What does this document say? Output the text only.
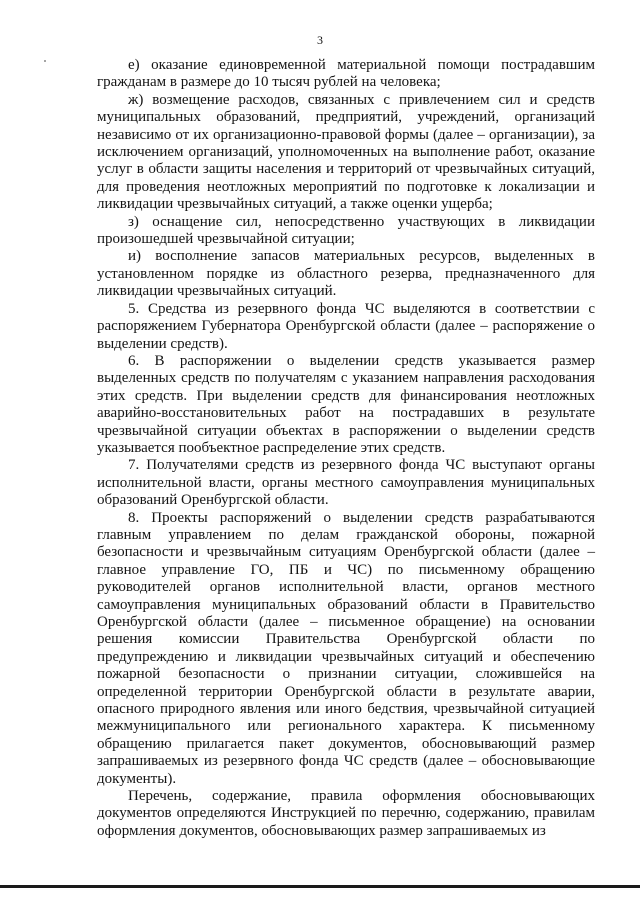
3

е) оказание единовременной материальной помощи пострадавшим гражданам в размере до 10 тысяч рублей на человека;

ж) возмещение расходов, связанных с привлечением сил и средств муниципальных образований, предприятий, учреждений, организаций независимо от их организационно-правовой формы (далее – организации), за исключением организаций, уполномоченных на выполнение работ, оказание услуг в области защиты населения и территорий от чрезвычайных ситуаций, для проведения неотложных мероприятий по подготовке к локализации и ликвидации чрезвычайных ситуаций, а также оценки ущерба;

з) оснащение сил, непосредственно участвующих в ликвидации произошедшей чрезвычайной ситуации;

и) восполнение запасов материальных ресурсов, выделенных в установленном порядке из областного резерва, предназначенного для ликвидации чрезвычайных ситуаций.

5. Средства из резервного фонда ЧС выделяются в соответствии с распоряжением Губернатора Оренбургской области (далее – распоряжение о выделении средств).

6. В распоряжении о выделении средств указывается размер выделенных средств по получателям с указанием направления расходования этих средств. При выделении средств для финансирования неотложных аварийно-восстановительных работ на пострадавших в результате чрезвычайной ситуации объектах в распоряжении о выделении средств указывается пообъектное распределение этих средств.

7. Получателями средств из резервного фонда ЧС выступают органы исполнительной власти, органы местного самоуправления муниципальных образований Оренбургской области.

8. Проекты распоряжений о выделении средств разрабатываются главным управлением по делам гражданской обороны, пожарной безопасности и чрезвычайным ситуациям Оренбургской области (далее – главное управление ГО, ПБ и ЧС) по письменному обращению руководителей органов исполнительной власти, органов местного самоуправления муниципальных образований области в Правительство Оренбургской области (далее – письменное обращение) на основании решения комиссии Правительства Оренбургской области по предупреждению и ликвидации чрезвычайных ситуаций и обеспечению пожарной безопасности о признании ситуации, сложившейся на определенной территории Оренбургской области в результате аварии, опасного природного явления или иного бедствия, чрезвычайной ситуацией межмуниципального или регионального характера. К письменному обращению прилагается пакет документов, обосновывающий размер запрашиваемых из резервного фонда ЧС средств (далее – обосновывающие документы).

Перечень, содержание, правила оформления обосновывающих документов определяются Инструкцией по перечню, содержанию, правилам оформления документов, обосновывающих размер запрашиваемых из
